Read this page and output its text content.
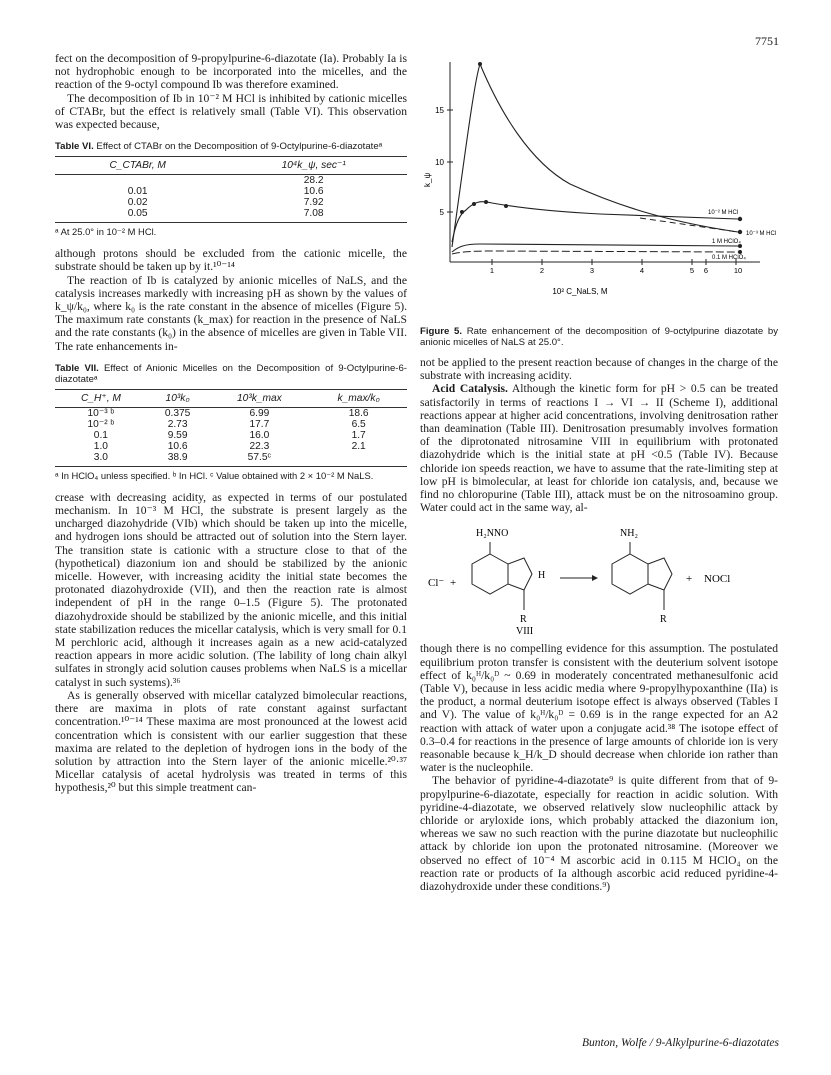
7751

fect on the decomposition of 9-propylpurine-6-diazotate (Ia). Probably Ia is not hydrophobic enough to be incorporated into the micelles, and the reaction of the 9-octyl compound Ib was therefore examined.

The decomposition of Ib in 10⁻² M HCl is inhibited by cationic micelles of CTABr, but the effect is relatively small (Table VI). This observation was expected because,

Table VI. Effect of CTABr on the Decomposition of 9-Octylpurine-6-diazotateᵃ
C_CTABr, M	10⁴k_ψ, sec⁻¹
	28.2
0.01	10.6
0.02	7.92
0.05	7.08
ᵃ At 25.0° in 10⁻² M HCl.

although protons should be excluded from the cationic micelle, the substrate should be taken up by it.¹⁰⁻¹⁴

The reaction of Ib is catalyzed by anionic micelles of NaLS, and the catalysis increases markedly with increasing pH as shown by the values of k_ψ/k₀, where k₀ is the rate constant in the absence of micelles (Figure 5). The maximum rate constants (k_max) for reaction in the presence of NaLS and the rate constants (k₀) in the absence of micelles are given in Table VII. The rate enhancements in-

Table VII. Effect of Anionic Micelles on the Decomposition of 9-Octylpurine-6-diazotateᵃ
C_H⁺, M	10³k₀	10³k_max	k_max/k₀
10⁻³ ᵇ	0.375	6.99	18.6
10⁻² ᵇ	2.73	17.7	6.5
0.1	9.59	16.0	1.7
1.0	10.6	22.3	2.1
3.0	38.9	57.5ᶜ	
ᵃ In HClO₄ unless specified. ᵇ In HCl. ᶜ Value obtained with 2 × 10⁻² M NaLS.

crease with decreasing acidity, as expected in terms of our postulated mechanism. In 10⁻³ M HCl, the substrate is present largely as the uncharged diazohydride (VIb) which should be taken up into the micelle, and hydrogen ions should be attracted out of solution into the Stern layer. The transition state is cationic with a structure close to that of the (hypothetical) diazonium ion and should be stabilized by the anionic micelle. However, with increasing acidity the initial state becomes the protonated diazohydroxide (VII), and then the reaction rate is almost independent of pH in the range 0–1.5 (Figure 5). The protonated diazohydroxide should be stabilized by the anionic micelle, and this initial state stabilization reduces the micellar catalysis, which is very small for 0.1 M perchloric acid, although it increases again as a new acid-catalyzed reaction appears in more acidic solution. (The lability of long chain alkyl sulfates in strongly acid solution causes problems when NaLS is a micellar catalyst in such systems).³⁶

As is generally observed with micellar catalyzed bimolecular reactions, there are maxima in plots of rate constant against surfactant concentration.¹⁰⁻¹⁴ These maxima are most pronounced at the lowest acid concentration which is consistent with our earlier suggestion that these maxima are related to the depletion of hydrogen ions in the body of the solution by attraction into the Stern layer of the anionic micelle.²⁰·³⁷ Micellar catalysis of acetal hydrolysis was treated in terms of this hypothesis,²⁰ but this simple treatment can-

5
10
15
k_ψ
1	2	3	4	5 6	10
10² C_NaLS, M
10⁻³ M HCl
10⁻² M HCl
1 M HClO₄
0.1 M HClO₄
Figure 5. Rate enhancement of the decomposition of 9-octylpurine diazotate by anionic micelles of NaLS at 25.0°.

not be applied to the present reaction because of changes in the charge of the substrate with increasing acidity.

Acid Catalysis. Although the kinetic form for pH > 0.5 can be treated satisfactorily in terms of reactions I → VI → II (Scheme I), additional reactions appear at higher acid concentrations, involving denitrosation rather than deamination (Table III). Denitrosation presumably involves formation of the diprotonated nitrosamine VIII in equilibrium with protonated diazohydride which is the initial state at pH <0.5 (Table IV). Because chloride ion speeds reaction, we have to assume that the rate-limiting step at low pH is bimolecular, at least for chloride ion catalysis, and, because we find no chloropurine (Table III), attack must be on the nitrosoamino group. Water could act in the same way, al-

Cl⁻ +
H₂NNO
R
VIII
H
NH₂
R
+ NOCl

though there is no compelling evidence for this assumption. The postulated equilibrium proton transfer is consistent with the deuterium solvent isotope effect of k₀ᴴ/k₀ᴰ ~ 0.69 in moderately concentrated methanesulfonic acid (Table V), because in less acidic media where 9-propylhypoxanthine (IIa) is the product, a normal deuterium isotope effect is always observed (Tables I and V). The value of k₀ᴴ/k₀ᴰ = 0.69 is in the range expected for an A2 reaction with attack of water upon a conjugate acid.³⁸ The isotope effect of 0.3–0.4 for reactions in the presence of large amounts of chloride ion is very reasonable because k_H/k_D should decrease when chloride ion rather than water is the nucleophile.

The behavior of pyridine-4-diazotate⁹ is quite different from that of 9-propylpurine-6-diazotate, especially for reaction in acidic solution. With pyridine-4-diazotate, we observed relatively slow nucleophilic attack by chloride or aryloxide ions, which probably attacked the diazonium ion, whereas we saw no such reaction with the purine diazotate but nucleophilic attack by chloride ion upon the protonated nitrosamine. (Moreover we observed no effect of 10⁻⁴ M ascorbic acid in 0.115 M HClO₄ on the reaction rate or products of Ia although ascorbic acid reduced pyridine-4-diazohydroxide under these conditions.⁹)

Bunton, Wolfe / 9-Alkylpurine-6-diazotates
